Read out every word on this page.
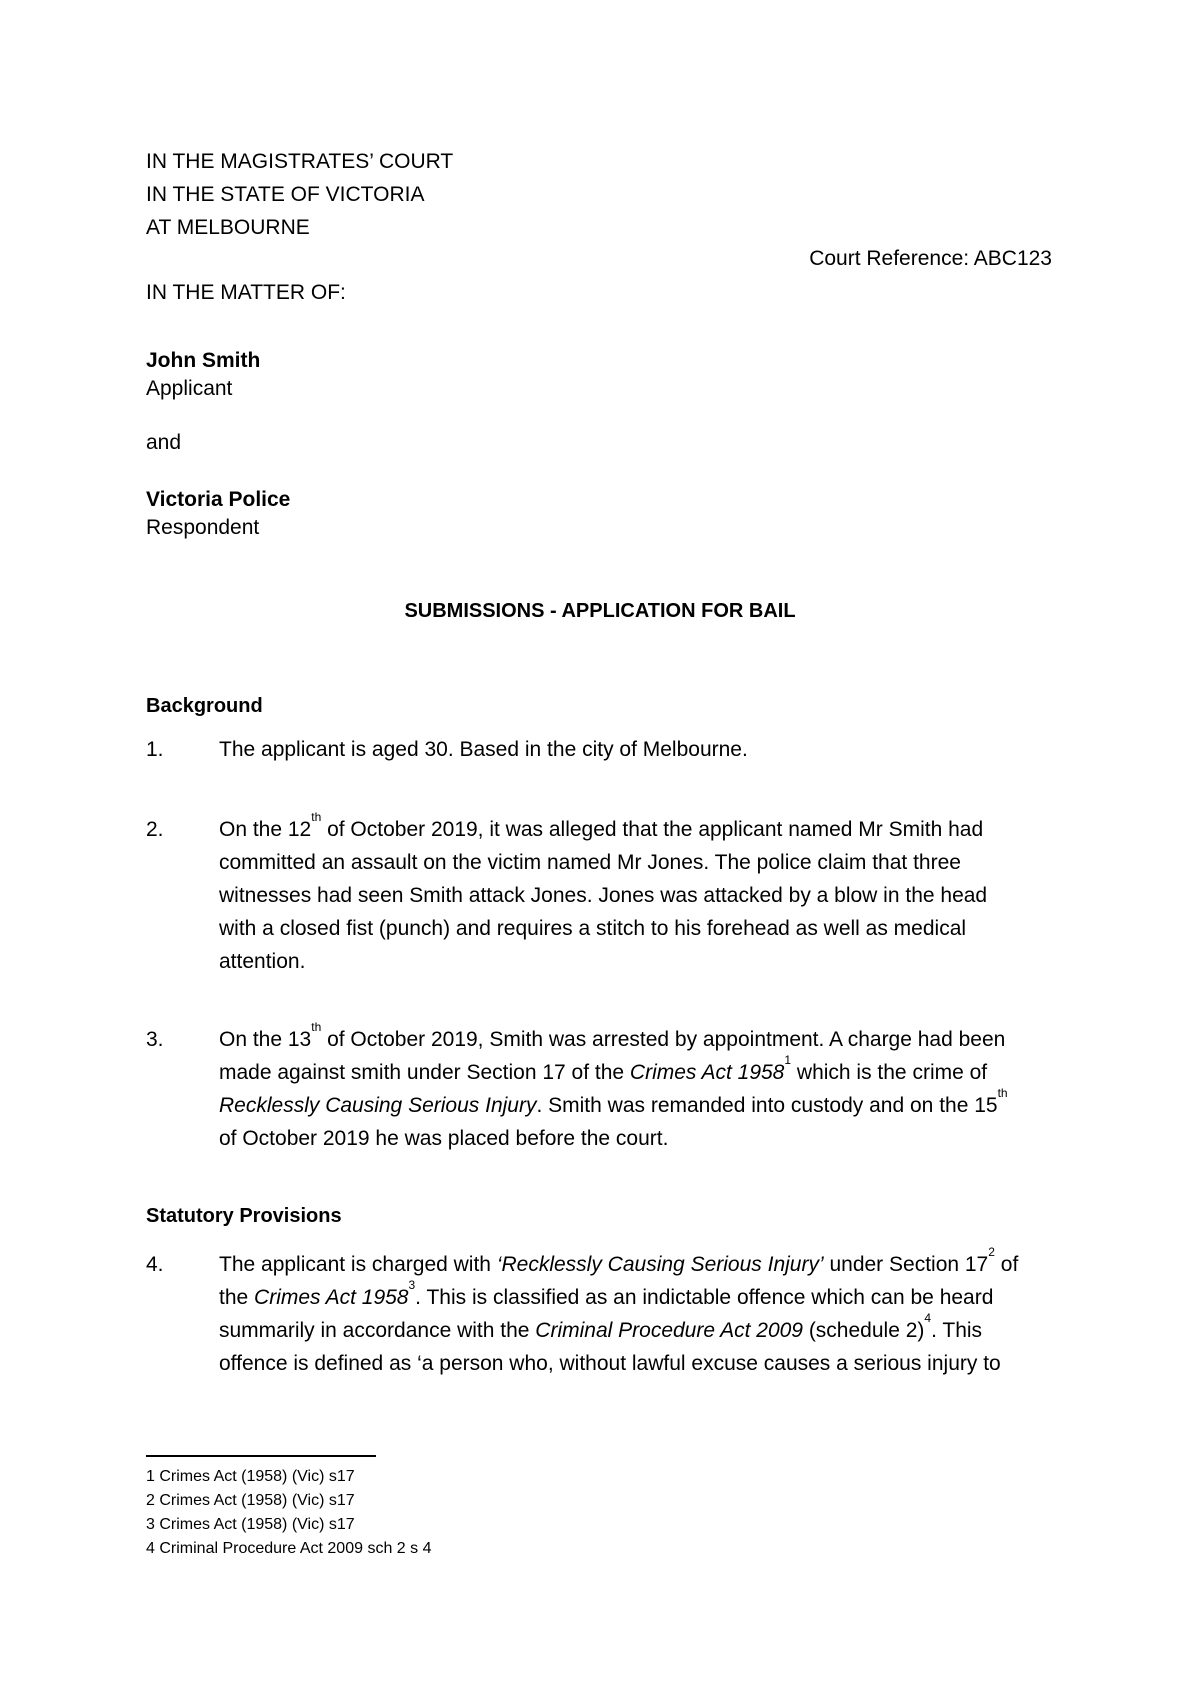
IN THE MAGISTRATES’ COURT
IN THE STATE OF VICTORIA
AT MELBOURNE
Court Reference: ABC123
IN THE MATTER OF:
John Smith
Applicant
and
Victoria Police
Respondent
SUBMISSIONS - APPLICATION FOR BAIL
Background
1.	The applicant is aged 30. Based in the city of Melbourne.
2.	On the 12th of October 2019, it was alleged that the applicant named Mr Smith had
committed an assault on the victim named Mr Jones. The police claim that three
witnesses had seen Smith attack Jones. Jones was attacked by a blow in the head
with a closed fist (punch) and requires a stitch to his forehead as well as medical
attention.
3.	On the 13th of October 2019, Smith was arrested by appointment. A charge had been
made against smith under Section 17 of the Crimes Act 1958$^1$ which is the crime of
Recklessly Causing Serious Injury. Smith was remanded into custody and on the 15th
of October 2019 he was placed before the court.
Statutory Provisions
4.	The applicant is charged with ‘Recklessly Causing Serious Injury’ under Section $17^2$ of
the Crimes Act 1958$^3$. This is classified as an indictable offence which can be heard
summarily in accordance with the Criminal Procedure Act 2009 (schedule 2)$^4$. This
offence is defined as ‘a person who, without lawful excuse causes a serious injury to
1 Crimes Act (1958) (Vic) s17
2 Crimes Act (1958) (Vic) s17
3 Crimes Act (1958) (Vic) s17
4 Criminal Procedure Act 2009 sch 2 s 4
